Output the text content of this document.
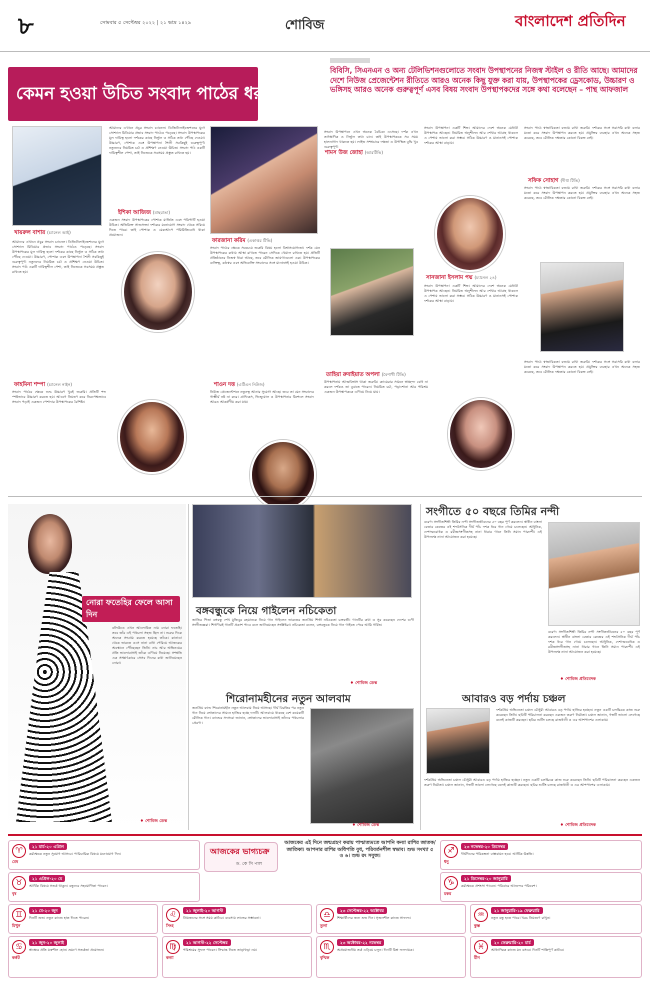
৮	সোমবার ৫ সেপ্টেম্বর ২০২২ | ২১ ভাদ্র ১৪২৯	শোবিজ	বাংলাদেশ প্রতিদিন
কেমন হওয়া উচিত সংবাদ পাঠের ধরন
বিবিসি, সিএনএন ও অন্য টেলিভিশনগুলোতে সংবাদ উপস্থাপনের নিজস্ব স্টাইল ও রীতি আছে। আমাদের দেশে নিউজ প্রেজেন্টেশন রীতিতে আরও অনেক কিছু যুক্ত করা যায়, উপস্থাপকের ড্রেসকোড, উচ্চারণ ও ভঙ্গিসহ আরও অনেক গুরুত্বপূর্ণ এসব বিষয় সংবাদ উপস্থাপকদের সঙ্গে কথা বলেছেন – পান্থ আফজাল
খায়রুল বাশার (চ্যানেল আই)
আমাদের এখানে প্রচুর সংবাদ চ্যানেল। ডিজিটালাইজেশনের যুগে সোশ্যাল মিডিয়ার প্রভাব সংবাদ পাঠেও পড়েছে। সংবাদ উপস্থাপকের মূল দায়িত্ব হলো দর্শকের কাছে নির্ভুল ও সঠিক তথ্য পৌঁছে দেওয়া। উচ্চারণ, পোশাক এবং উপস্থাপনা শৈলী সবকিছুই গুরুত্বপূর্ণ। নতুনদের নিয়মিত চর্চা ও প্রশিক্ষণ নেওয়া উচিত। সংবাদ পাঠ একটি দায়িত্বশীল পেশা, তাই নিজেকে সবসময় প্রস্তুত রাখতে হয়।
আমাদের এখানে প্রচুর সংবাদ চ্যানেল। ডিজিটালাইজেশনের যুগে সোশ্যাল মিডিয়ার প্রভাব সংবাদ পাঠেও পড়েছে। সংবাদ উপস্থাপকের মূল দায়িত্ব হলো দর্শকের কাছে নির্ভুল ও সঠিক তথ্য পৌঁছে দেওয়া। উচ্চারণ, পোশাক এবং উপস্থাপনা শৈলী সবকিছুই গুরুত্বপূর্ণ। নতুনদের নিয়মিত চর্চা ও প্রশিক্ষণ নেওয়া উচিত। সংবাদ পাঠ একটি দায়িত্বশীল পেশা, তাই নিজেকে সবসময় প্রস্তুত রাখতে হয়।
ইশিকা আজিজ (মাছরাঙা)
একজন সংবাদ উপস্থাপকের পোশাক মার্জিত এবং পরিপাটি হওয়া উচিত। অতিরিক্ত সাজসজ্জা দর্শকের মনোযোগ সংবাদ থেকে সরিয়ে দিতে পারে। তাই পোশাক ও মেকআপে পরিমিতিবোধ থাকা প্রয়োজন।
ফারজানা করিম (একাত্তর টিভি)
সংবাদ পাঠের ক্ষেত্রে সবচেয়ে জরুরি বিষয় হলো বিশ্বাসযোগ্যতা। দর্শক যেন উপস্থাপকের কথায় আস্থা রাখতে পারেন সেদিকে খেয়াল রাখতে হয়। প্রতিটি প্রতিষ্ঠানের নিজস্ব ধারা আছে, তবে মৌলিক জায়গাগুলো এক। উপস্থাপকের ব্যক্তিত্ব, কণ্ঠস্বর এবং অভিব্যক্তি সংবাদের সঙ্গে মানানসই হওয়া উচিত।
শামস উজ জোহা (আরটিভি)
সংবাদ উপস্থাপনে এখন অনেক বৈচিত্র্য এসেছে। দর্শক এখন তাৎক্ষণিক ও নির্ভুল তথ্য চান। তাই উপস্থাপককে সব সময় হালনাগাদ থাকতে হয়। লাইভ সম্প্রচারে দক্ষতা ও উপস্থিত বুদ্ধি খুব গুরুত্বপূর্ণ।
সংবাদ উপস্থাপনা একটি শিল্প। আমাদের দেশে অনেক মেধাবী উপস্থাপক আছেন। নিয়মিত অনুশীলন আর শেখার আগ্রহ থাকলে এ পেশায় ভালো করা সম্ভব। সঠিক উচ্চারণ ও মানানসই পোশাক দর্শকের আস্থা বাড়ায়।
সানজানা ইসলাম পদ্ম (চ্যানেল ২৪)
সংবাদ উপস্থাপনা একটি শিল্প। আমাদের দেশে অনেক মেধাবী উপস্থাপক আছেন। নিয়মিত অনুশীলন আর শেখার আগ্রহ থাকলে এ পেশায় ভালো করা সম্ভব। সঠিক উচ্চারণ ও মানানসই পোশাক দর্শকের আস্থা বাড়ায়।
সংবাদ পাঠে স্বাভাবিকতা বজায় রাখা জরুরি। দর্শকের সঙ্গে সরাসরি কথা বলার মতো করে সংবাদ উপস্থাপন করতে হয়। প্রযুক্তির ব্যবহার এখন অনেক সহজ করেছে, তবে মৌলিক দক্ষতার কোনো বিকল্প নেই।
সফিক সোহাগ (দীপ্ত টিভি)
সংবাদ পাঠে স্বাভাবিকতা বজায় রাখা জরুরি। দর্শকের সঙ্গে সরাসরি কথা বলার মতো করে সংবাদ উপস্থাপন করতে হয়। প্রযুক্তির ব্যবহার এখন অনেক সহজ করেছে, তবে মৌলিক দক্ষতার কোনো বিকল্প নেই।
ফাহমিনা শম্পা (চ্যানেল নাইন)
সংবাদ পাঠের ক্ষেত্রে শুদ্ধ উচ্চারণ খুবই জরুরি। প্রতিটি শব্দ স্পষ্টভাবে উচ্চারণ করতে হয়। আবেগ নিয়ন্ত্রণ করে নিরপেক্ষভাবে সংবাদ পড়াই একজন পেশাদার উপস্থাপকের বৈশিষ্ট্য।
শাওন দত্ত (এটিএন নিউজ)
নিউজ প্রেজেন্টেশনে নতুনত্ব আনার সুযোগ আছে। তবে তা যেন সংবাদের গাম্ভীর্য নষ্ট না করে। গ্রাফিকস, ভিজ্যুয়াল ও উপস্থাপনার মিশেলে সংবাদ আরও আকর্ষণীয় করা যায়।
তাহিয়া রুবাইয়াত অপলা (বৈশাখী টিভি)
উপস্থাপনায় আত্মবিশ্বাস থাকা জরুরি। ক্যামেরার সামনে স্বাচ্ছন্দ্য বোধ না করলে দর্শকও তা বুঝতে পারেন। নিয়মিত চর্চা, পড়াশোনা আর পরিশ্রম একজন উপস্থাপককে এগিয়ে নিয়ে যায়।
সংবাদ পাঠে স্বাভাবিকতা বজায় রাখা জরুরি। দর্শকের সঙ্গে সরাসরি কথা বলার মতো করে সংবাদ উপস্থাপন করতে হয়। প্রযুক্তির ব্যবহার এখন অনেক সহজ করেছে, তবে মৌলিক দক্ষতার কোনো বিকল্প নেই।
নোরা ফতেহির ফেলে আসা দিন
বলিউডে এখন আলোচিত নাম নোরা ফতেহি। তবে তাঁর এই পথচলা সহজ ছিল না। শুরুর দিকে অনেক সংগ্রাম করতে হয়েছে তাঁকে। কানাডা থেকে ভারতে এসে নানা বাধা পেরিয়ে আজকের অবস্থানে পৌঁছেছেন তিনি। নাচ আর অভিনয়ের প্রতি ভালোবাসাই তাঁকে এগিয়ে নিয়েছে। সম্প্রতি এক সাক্ষাৎকারে সেসব দিনের কথা জানিয়েছেন নোরা।
♦ শোবিজ ডেস্ক
বঙ্গবন্ধুকে নিয়ে গাইলেন নচিকেতা
জাতির পিতা বঙ্গবন্ধু শেখ মুজিবুর রহমানকে নিয়ে গান গাইলেন ভারতের জনপ্রিয় শিল্পী নচিকেতা চক্রবর্তী। গানটির কথা ও সুর করেছেন দেশের গুণী সংগীতজ্ঞরা। শিগগিরই গানটি প্রকাশ পাবে বলে জানিয়েছেন সংশ্লিষ্টরা। নচিকেতা বলেন, বঙ্গবন্ধুকে নিয়ে গান গাইতে পেরে আমি গর্বিত।
♦ শোবিজ ডেস্ক
শিরোনামহীনের নতুন আলবাম
জনপ্রিয় ব্যান্ড শিরোনামহীন নতুন আলবাম নিয়ে আসছে। দীর্ঘ বিরতির পর নতুন গান নিয়ে শ্রোতাদের সামনে হাজির হচ্ছে দলটি। আলবামে থাকছে বেশ কয়েকটি মৌলিক গান। ব্যান্ডের সদস্যরা জানান, শ্রোতাদের ভালোবাসাই তাঁদের পথচলার প্রেরণা।
♦ শোবিজ ডেস্ক
সংগীতে ৫০ বছরে তিমির নন্দী
বরেণ্য সংগীতশিল্পী তিমির নন্দী সংগীতজীবনের ৫০ বছর পূর্ণ করলেন। স্বাধীন বাংলা বেতার কেন্দ্রের এই শব্দসৈনিক দীর্ঘ পাঁচ দশক ধরে গান গেয়ে চলেছেন। আধুনিক, দেশাত্মবোধক ও রবীন্দ্রসংগীতসহ নানা ধারার গানে তিনি সমান পারদর্শী। এই উপলক্ষে নানা আয়োজন করা হয়েছে।
বরেণ্য সংগীতশিল্পী তিমির নন্দী সংগীতজীবনের ৫০ বছর পূর্ণ করলেন। স্বাধীন বাংলা বেতার কেন্দ্রের এই শব্দসৈনিক দীর্ঘ পাঁচ দশক ধরে গান গেয়ে চলেছেন। আধুনিক, দেশাত্মবোধক ও রবীন্দ্রসংগীতসহ নানা ধারার গানে তিনি সমান পারদর্শী। এই উপলক্ষে নানা আয়োজন করা হয়েছে।
♦ শোবিজ প্রতিবেদক
আবারও বড় পর্দায় চঞ্চল
দর্শকপ্রিয় অভিনেতা চঞ্চল চৌধুরী আবারও বড় পর্দায় হাজির হচ্ছেন। নতুন একটি চলচ্চিত্রে কাজ শুরু করেছেন তিনি। ছবিটি পরিচালনা করছেন একজন তরুণ নির্মাতা। চঞ্চল জানান, গল্পটি ভালো লেগেছে বলেই কাজটি করছেন। ছবির শুটিং চলছে রাজধানী ও এর আশপাশের এলাকায়।
দর্শকপ্রিয় অভিনেতা চঞ্চল চৌধুরী আবারও বড় পর্দায় হাজির হচ্ছেন। নতুন একটি চলচ্চিত্রে কাজ শুরু করেছেন তিনি। ছবিটি পরিচালনা করছেন একজন তরুণ নির্মাতা। চঞ্চল জানান, গল্পটি ভালো লেগেছে বলেই কাজটি করছেন। ছবির শুটিং চলছে রাজধানী ও এর আশপাশের এলাকায়।
♦ শোবিজ প্রতিবেদক
♈
মেষ
২১ মার্চ-২০ এপ্রিল
কর্মক্ষেত্রে নতুন সুযোগ আসবে। পারিবারিক বিষয়ে মনোযোগ দিন।
♉
বৃষ
২১ এপ্রিল-২০ মে
আর্থিক বিষয়ে সতর্ক থাকুন। বন্ধুদের সহযোগিতা পাবেন।
♊
মিথুন
২১ মে-২০ জুন
দিনটি শুভ। নতুন কাজে হাত দিতে পারেন।
♋
কর্কট
২১ জুন-২০ জুলাই
স্বাস্থ্যের প্রতি যত্নশীল হোন। ভ্রমণে সতর্কতা প্রয়োজন।
♌
সিংহ
২১ জুলাই-২০ আগস্ট
প্রিয়জনের সঙ্গে সময় কাটবে। ব্যবসায় লাভের সম্ভাবনা।
♍
কন্যা
২১ আগস্ট-২২ সেপ্টেম্বর
পরিশ্রমের সুফল পাবেন। সিদ্ধান্ত নিতে তাড়াহুড়া নয়।
♎
তুলা
২৩ সেপ্টেম্বর-২২ অক্টোবর
শিক্ষার্থীদের জন্য শুভ দিন। সৃজনশীল কাজে সাফল্য।
♏
বৃশ্চিক
২৩ অক্টোবর-২২ নভেম্বর
অপ্রয়োজনীয় তর্ক এড়িয়ে চলুন। দিনটি মিশ্র ফলদায়ক।
♐
ধনু
২৩ নভেম্বর-২০ ডিসেম্বর
দীর্ঘদিনের পরিকল্পনা বাস্তবায়ন হবে। আর্থিক উন্নতি।
♑
মকর
২১ ডিসেম্বর-২০ জানুয়ারি
কর্মক্ষেত্রে প্রশংসা পাবেন। পরিবারে আনন্দের পরিবেশ।
♒
কুম্ভ
২১ জানুয়ারি-১৯ ফেব্রুয়ারি
নতুন বন্ধু হতে পারে। খরচ নিয়ন্ত্রণে রাখুন।
♓
মীন
২০ ফেব্রুয়ারি-২০ মার্চ
আধ্যাত্মিক কাজে মন বসবে। দিনটি শান্তিপূর্ণ কাটবে।
আজকের ভাগ্যচক্র
ড. কে সি পাল
আজকের এই দিনে জন্মগ্রহণ করায় পাশ্চাত্যমতে আপনি কন্যা রাশির জাতক/জাতিকা। আপনার রাশির অধিপতি বুধ, পরিবর্তনশীল স্বভাব। শুভ সংখ্যা ৫ ও ৬। শুভ রং সবুজ।
